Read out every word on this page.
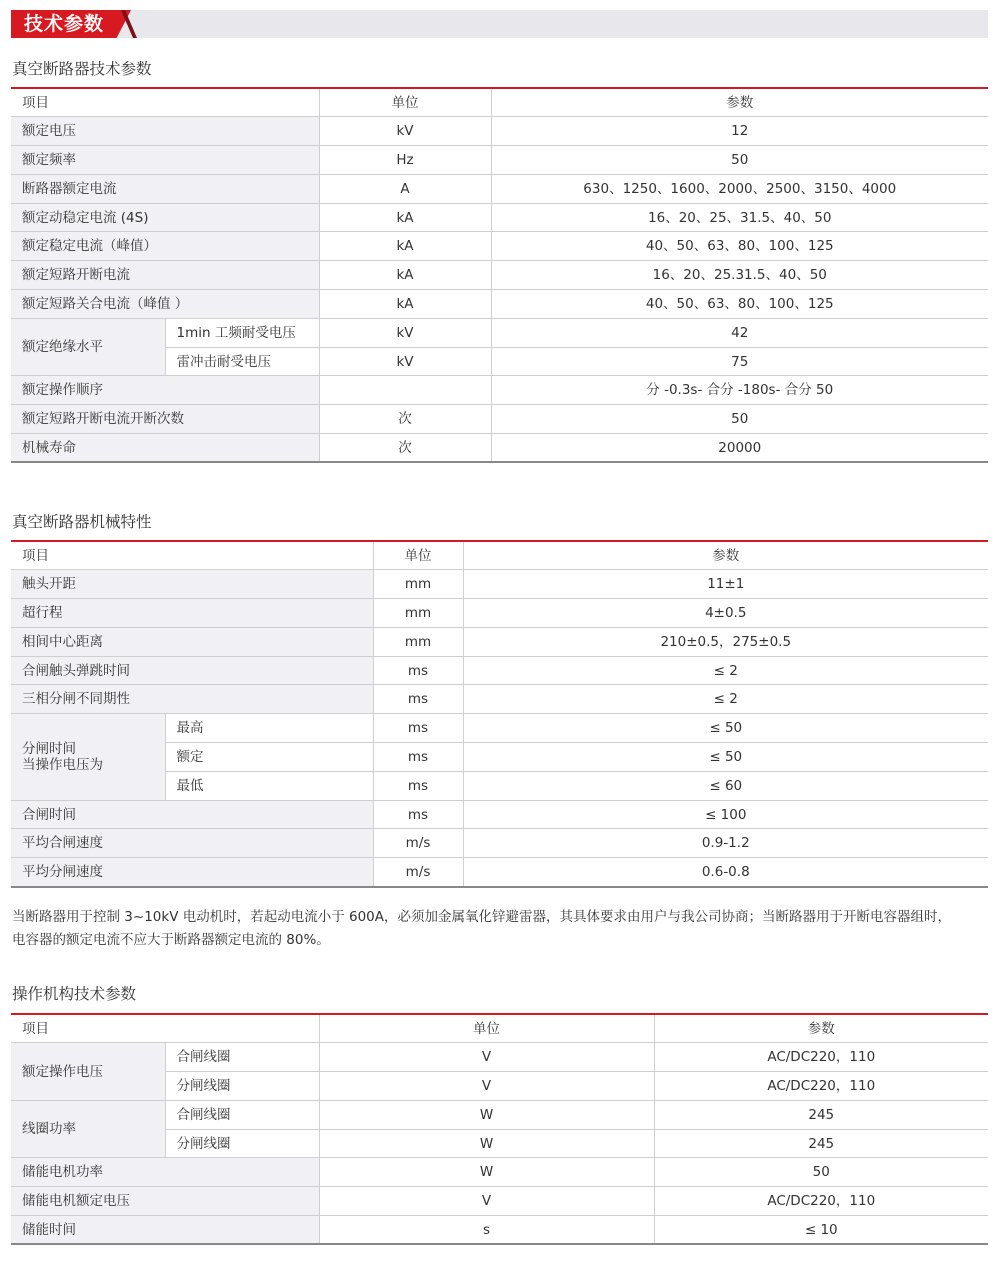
技术参数
真空断路器技术参数
项目		单位	参数
额定电压		kV	12
额定频率		Hz	50
断路器额定电流		A	630、1250、1600、2000、2500、3150、4000
额定动稳定电流 (4S)		kA	16、20、25、31.5、40、50
额定稳定电流（峰值）		kA	40、50、63、80、100、125
额定短路开断电流		kA	16、20、25.31.5、40、50
额定短路关合电流（峰值 ）		kA	40、50、63、80、100、125
额定绝缘水平	1min 工频耐受电压	kV	42
	雷冲击耐受电压	kV	75
额定操作顺序			分 -0.3s- 合分 -180s- 合分 50
额定短路开断电流开断次数		次	50
机械寿命		次	20000
真空断路器机械特性
项目		单位	参数
触头开距		mm	11±1
超行程		mm	4±0.5
相间中心距离		mm	210±0.5，275±0.5
合闸触头弹跳时间		ms	≤ 2
三相分闸不同期性		ms	≤ 2

分闸时间
当操作电压为	最高	ms	≤ 50
	额定	ms	≤ 50
	最低	ms	≤ 60
合闸时间		ms	≤ 100
平均合闸速度		m/s	0.9-1.2
平均分闸速度		m/s	0.6-0.8
当断路器用于控制 3~10kV 电动机时，若起动电流小于 600A，必须加金属氧化锌避雷器，其具体要求由用户与我公司协商；当断路器用于开断电容器组时，
电容器的额定电流不应大于断路器额定电流的 80%。
操作机构技术参数
项目		单位	参数
额定操作电压	合闸线圈	V	AC/DC220，110
	分闸线圈	V	AC/DC220，110
线圈功率	合闸线圈	W	245
	分闸线圈	W	245
储能电机功率		W	50
储能电机额定电压		V	AC/DC220，110
储能时间		s	≤ 10
